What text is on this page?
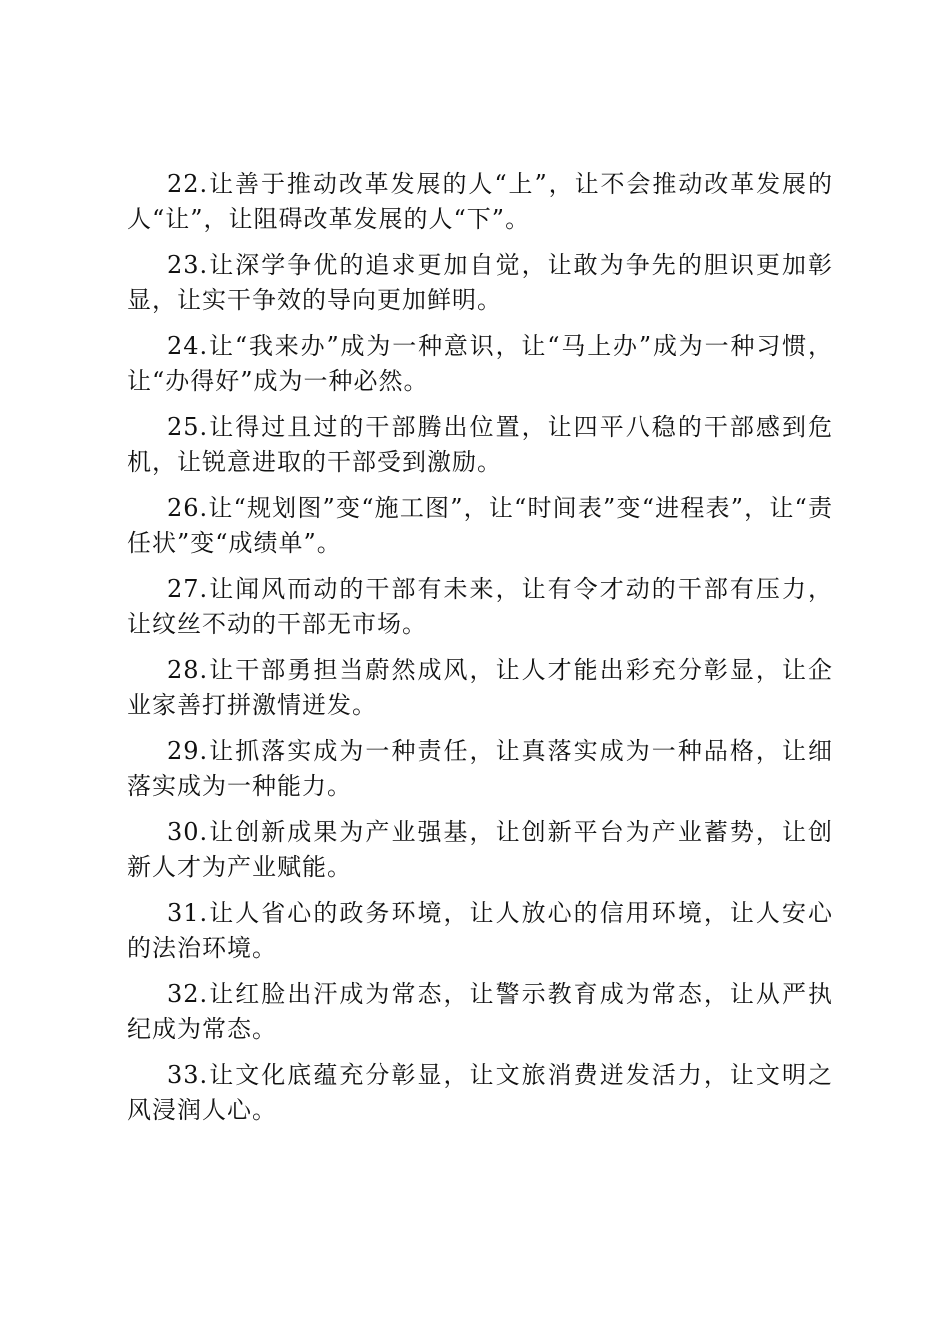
22.让善于推动改革发展的人“上”，让不会推动改革发展的人“让”，让阻碍改革发展的人“下”。

23.让深学争优的追求更加自觉，让敢为争先的胆识更加彰显，让实干争效的导向更加鲜明。

24.让“我来办”成为一种意识，让“马上办”成为一种习惯，让“办得好”成为一种必然。

25.让得过且过的干部腾出位置，让四平八稳的干部感到危机，让锐意进取的干部受到激励。

26.让“规划图”变“施工图”，让“时间表”变“进程表”，让“责任状”变“成绩单”。

27.让闻风而动的干部有未来，让有令才动的干部有压力，让纹丝不动的干部无市场。

28.让干部勇担当蔚然成风，让人才能出彩充分彰显，让企业家善打拼激情迸发。

29.让抓落实成为一种责任，让真落实成为一种品格，让细落实成为一种能力。

30.让创新成果为产业强基，让创新平台为产业蓄势，让创新人才为产业赋能。

31.让人省心的政务环境，让人放心的信用环境，让人安心的法治环境。

32.让红脸出汗成为常态，让警示教育成为常态，让从严执纪成为常态。

33.让文化底蕴充分彰显，让文旅消费迸发活力，让文明之风浸润人心。
